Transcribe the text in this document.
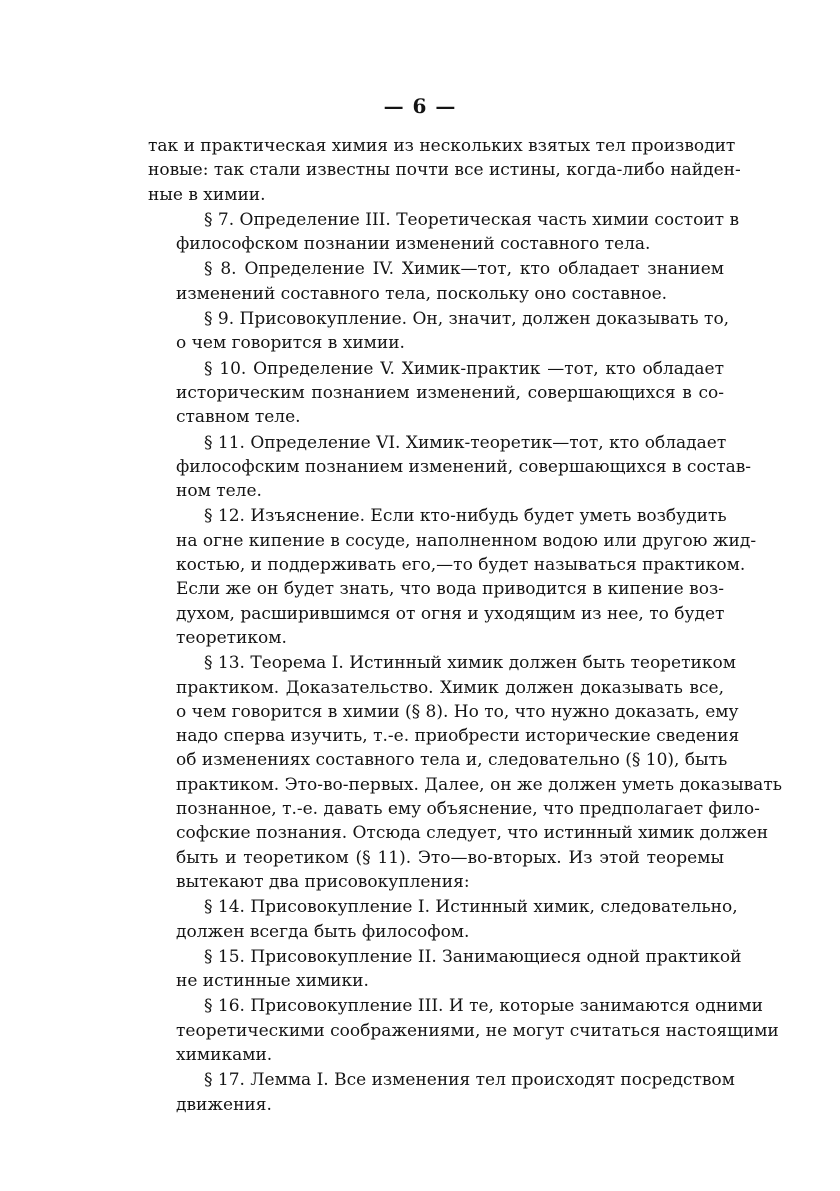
— 6 —
так и практическая химия из нескольких взятых тел производит
новые: так стали известны почти все истины, когда-либо найден-
ные в химии.
§ 7. Определение III. Теоретическая часть химии состоит в
философском познании изменений составного тела.
§ 8. Определение IV. Химик—тот, кто обладает знанием
изменений составного тела, поскольку оно составное.
§ 9. Присовокупление. Он, значит, должен доказывать то,
о чем говорится в химии.
§ 10. Определение V. Химик-практик —тот, кто обладает
историческим познанием изменений, совершающихся в со-
ставном теле.
§ 11. Определение VI. Химик-теоретик—тот, кто обладает
философским познанием изменений, совершающихся в состав-
ном теле.
§ 12. Изъяснение. Если кто-нибудь будет уметь возбудить
на огне кипение в сосуде, наполненном водою или другою жид-
костью, и поддерживать его,—то будет называться практиком.
Если же он будет знать, что вода приводится в кипение воз-
духом, расширившимся от огня и уходящим из нее, то будет
теоретиком.
§ 13. Теорема I. Истинный химик должен быть теоретиком
практиком. Доказательство. Химик должен доказывать все,
о чем говорится в химии (§ 8). Но то, что нужно доказать, ему
надо сперва изучить, т.-е. приобрести исторические сведения
об изменениях составного тела и, следовательно (§ 10), быть
практиком. Это-во-первых. Далее, он же должен уметь доказывать
познанное, т.-е. давать ему объяснение, что предполагает фило-
софские познания. Отсюда следует, что истинный химик должен
быть и теоретиком (§ 11). Это—во-вторых. Из этой теоремы
вытекают два присовокупления:
§ 14. Присовокупление I. Истинный химик, следовательно,
должен всегда быть философом.
§ 15. Присовокупление II. Занимающиеся одной практикой
не истинные химики.
§ 16. Присовокупление III. И те, которые занимаются одними
теоретическими соображениями, не могут считаться настоящими
химиками.
§ 17. Лемма I. Все изменения тел происходят посредством
движения.
